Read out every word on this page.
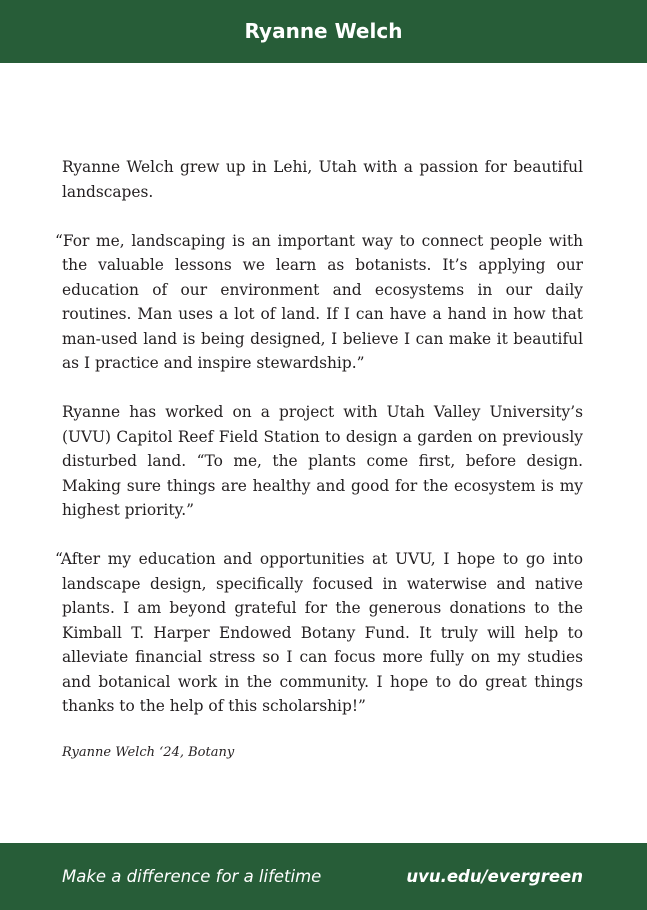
Ryanne Welch

Ryanne Welch grew up in Lehi, Utah with a passion for beautiful landscapes.

“For me, landscaping is an important way to connect people with the valuable lessons we learn as botanists. It’s applying our education of our environment and ecosystems in our daily routines. Man uses a lot of land. If I can have a hand in how that man-used land is being designed, I believe I can make it beautiful as I practice and inspire stewardship.”

Ryanne has worked on a project with Utah Valley University’s (UVU) Capitol Reef Field Station to design a garden on previously disturbed land. “To me, the plants come first, before design. Making sure things are healthy and good for the ecosystem is my highest priority.”

“After my education and opportunities at UVU, I hope to go into landscape design, specifically focused in waterwise and native plants. I am beyond grateful for the generous donations to the Kimball T. Harper Endowed Botany Fund. It truly will help to alleviate financial stress so I can focus more fully on my studies and botanical work in the community. I hope to do great things thanks to the help of this scholarship!”

Ryanne Welch ‘24, Botany

Make a difference for a lifetime	uvu.edu/evergreen
